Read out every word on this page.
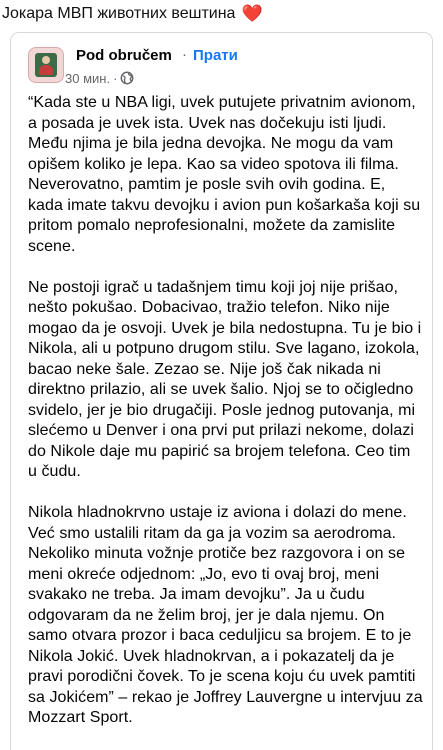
Јокара МВП животних вештина ❤️
Pod obručem · Прати
30 мин. ·

“Kada ste u NBA ligi, uvek putujete privatnim avionom, a posada je uvek ista. Uvek nas dočekuju isti ljudi. Među njima je bila jedna devojka. Ne mogu da vam opišem koliko je lepa. Kao sa video spotova ili filma. Neverovatno, pamtim je posle svih ovih godina. E, kada imate takvu devojku i avion pun košarkaša koji su pritom pomalo neprofesionalni, možete da zamislite scene.

Ne postoji igrač u tadašnjem timu koji joj nije prišao, nešto pokušao. Dobacivao, tražio telefon. Niko nije mogao da je osvoji. Uvek je bila nedostupna. Tu je bio i Nikola, ali u potpuno drugom stilu. Sve lagano, izokola, bacao neke šale. Zezao se. Nije još čak nikada ni direktno prilazio, ali se uvek šalio. Njoj se to očigledno svidelo, jer je bio drugačiji. Posle jednog putovanja, mi slećemo u Denver i ona prvi put prilazi nekome, dolazi do Nikole daje mu papirić sa brojem telefona. Ceo tim u čudu.

Nikola hladnokrvno ustaje iz aviona i dolazi do mene. Već smo ustalili ritam da ga ja vozim sa aerodroma. Nekoliko minuta vožnje protiče bez razgovora i on se meni okreće odjednom: „Jo, evo ti ovaj broj, meni svakako ne treba. Ja imam devojku”. Ja u čudu odgovaram da ne želim broj, jer je dala njemu. On samo otvara prozor i baca ceduljicu sa brojem. E to je Nikola Jokić. Uvek hladnokrvan, a i pokazatelj da je pravi porodični čovek. To je scena koju ću uvek pamtiti sa Jokićem” – rekao je Joffrey Lauvergne u intervjuu za Mozzart Sport.
